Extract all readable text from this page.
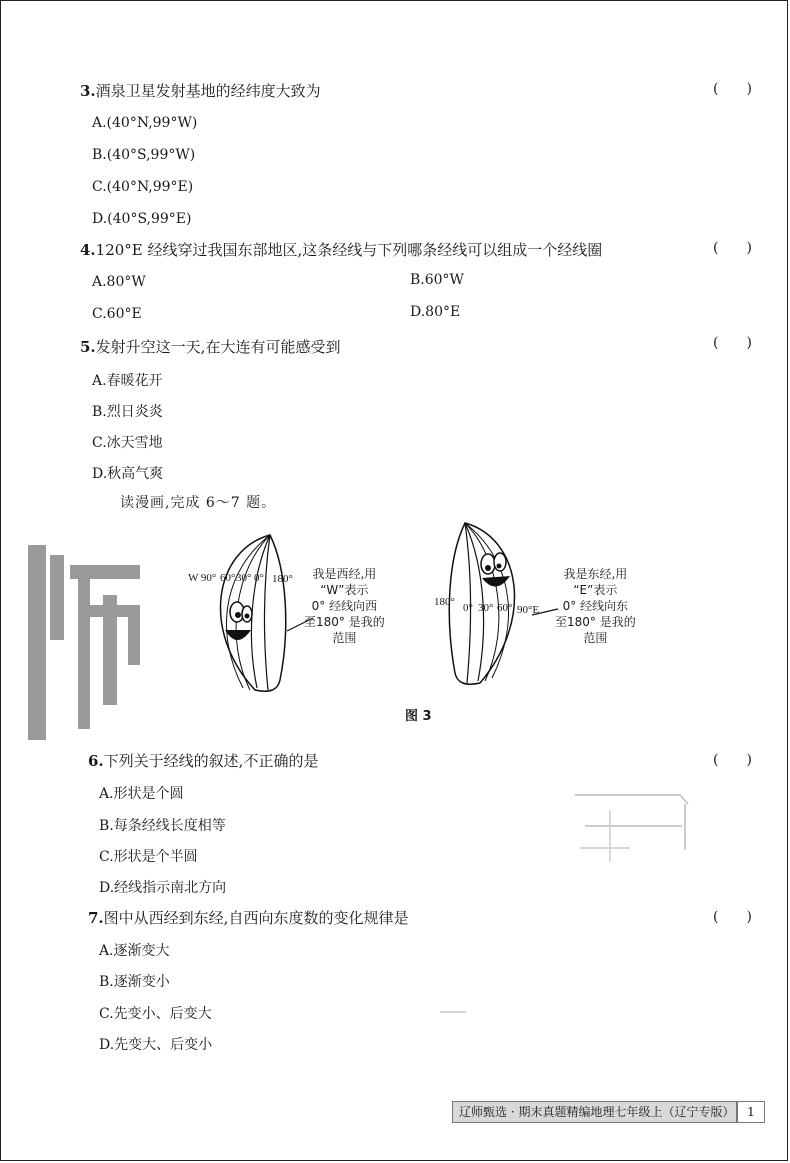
3.酒泉卫星发射基地的经纬度大致为	(　　)
A.(40°N,99°W)
B.(40°S,99°W)
C.(40°N,99°E)
D.(40°S,99°E)
4.120°E 经线穿过我国东部地区,这条经线与下列哪条经线可以组成一个经线圈	(　　)
A.80°W	B.60°W
C.60°E	D.80°E
5.发射升空这一天,在大连有可能感受到	(　　)
A.春暖花开
B.烈日炎炎
C.冰天雪地
D.秋高气爽
读漫画,完成 6～7 题。
W 90° 60° 30° 0° 180°	我是西经,用
“W”表示
0° 经线向西
至180° 是我的
范围
180° 0° 30° 60° 90°E
我是东经,用
“E”表示
0° 经线向东
至180° 是我的
范围
图 3
6.下列关于经线的叙述,不正确的是	(　　)
A.形状是个圆
B.每条经线长度相等
C.形状是个半圆
D.经线指示南北方向
7.图中从西经到东经,自西向东度数的变化规律是	(　　)
A.逐渐变大
B.逐渐变小
C.先变小、后变大
D.先变大、后变小
辽师甄选 · 期末真题精编地理七年级上（辽宁专版）	1
